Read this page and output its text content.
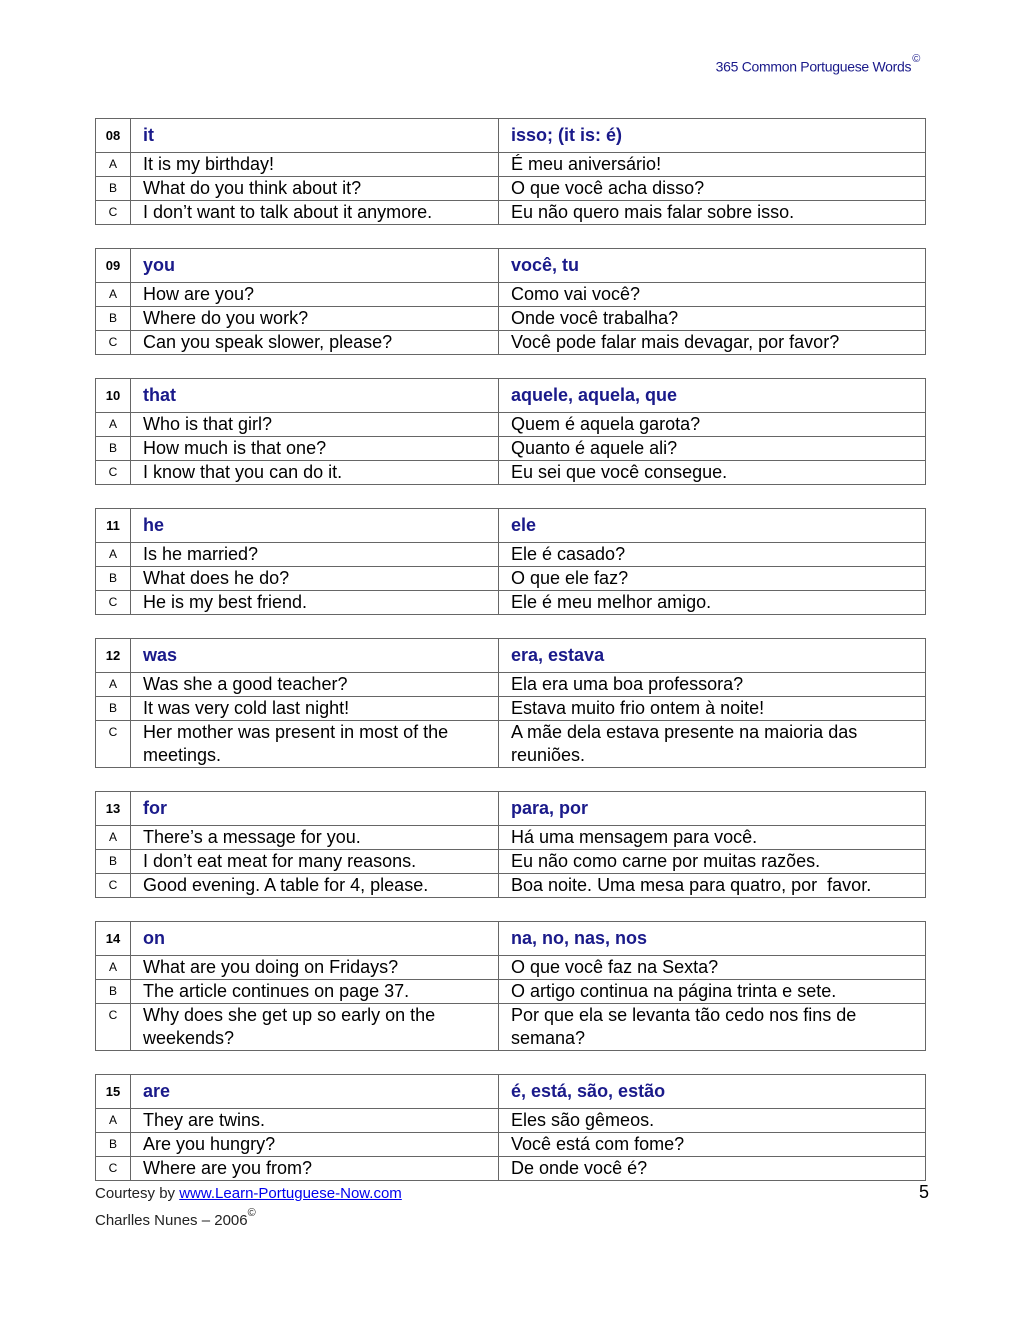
365 Common Portuguese Words©
08	it	isso; (it is: é)
A	It is my birthday!	É meu aniversário!

B	What do you think about it?	O que você acha disso?

C	I don’t want to talk about it anymore.	Eu não quero mais falar sobre isso.
09	you	você, tu
A	How are you?	Como vai você?

B	Where do you work?	Onde você trabalha?

C	Can you speak slower, please?	Você pode falar mais devagar, por favor?
10	that	aquele, aquela, que
A	Who is that girl?	Quem é aquela garota?

B	How much is that one?	Quanto é aquele ali?

C	I know that you can do it.	Eu sei que você consegue.
11	he	ele
A	Is he married?	Ele é casado?

B	What does he do?	O que ele faz?

C	He is my best friend.	Ele é meu melhor amigo.
12	was	era, estava
A	Was she a good teacher?	Ela era uma boa professora?

B	It was very cold last night!	Estava muito frio ontem à noite!

C	Her mother was present in most of the meetings.	A mãe dela estava presente na maioria das reuniões.
13	for	para, por
A	There’s a message for you.	Há uma mensagem para você.

B	I don’t eat meat for many reasons.	Eu não como carne por muitas razões.

C	Good evening. A table for 4, please.	Boa noite. Uma mesa para quatro, por  favor.
14	on	na, no, nas, nos
A	What are you doing on Fridays?	O que você faz na Sexta?

B	The article continues on page 37.	O artigo continua na página trinta e sete.

C	Why does she get up so early on the weekends?	Por que ela se levanta tão cedo nos fins de semana?
15	are	é, está, são, estão
A	They are twins.	Eles são gêmeos.

B	Are you hungry?	Você está com fome?

C	Where are you from?	De onde você é?
Courtesy by www.Learn-Portuguese-Now.com
Charlles Nunes – 2006©
5
